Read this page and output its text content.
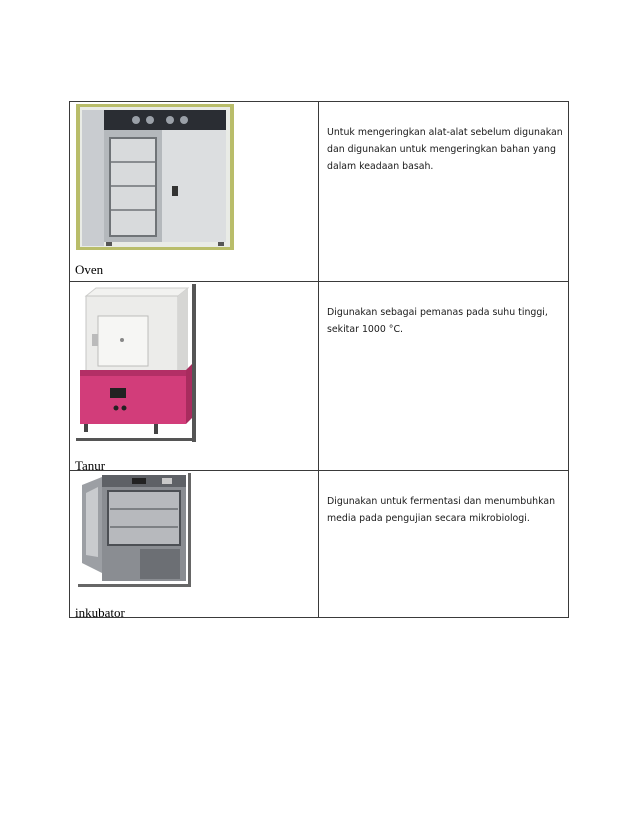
Oven
Untuk mengeringkan alat-alat sebelum digunakan dan digunakan untuk mengeringkan bahan yang dalam keadaan basah.
Tanur
Digunakan sebagai pemanas pada suhu tinggi, sekitar 1000 °C.
inkubator
Digunakan untuk fermentasi dan menumbuhkan media pada pengujian secara mikrobiologi.
